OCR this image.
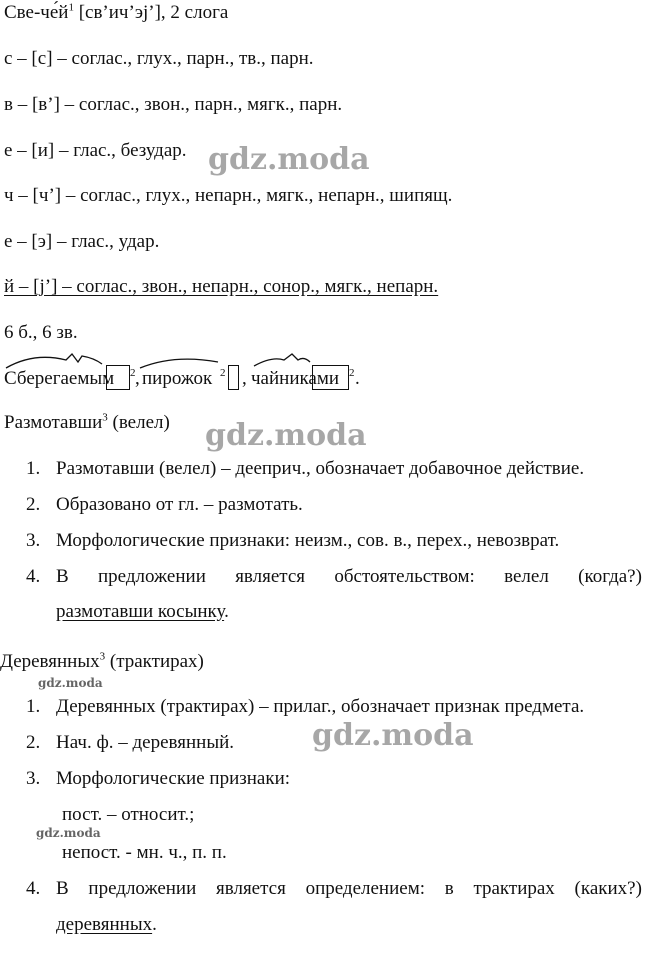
Све-$че́й^1$ [св’ич’эj’], 2 слога
с – [с] – соглас., глух., парн., тв., парн.
в – [в’] – соглас., звон., парн., мягк., парн.
е – [и] – глас., безудар.
ч – [ч’] – соглас., глух., непарн., мягк., непарн., шипящ.
е – [э] – глас., удар.
й – [j’] – соглас., звон., непарн., сонор., мягк., непарн.
6 б., 6 зв.
Сберегаемым 2 , пирожок 2 , чайниками 2 .
Размотавши$^3$ (велел)
1. Размотавши (велел) – дееприч., обозначает добавочное действие.
2. Образовано от гл. – размотать.
3. Морфологические признаки: неизм., сов. в., перех., невозврат.
4. В предложении является обстоятельством: велел (когда?)
размотавши косынку.
Деревянных$^3$ (трактирах)
1. Деревянных (трактирах) – прилаг., обозначает признак предмета.
2. Нач. ф. – деревянный.
3. Морфологические признаки:
пост. – относит.;
непост. - мн. ч., п. п.
4. В предложении является определением: в трактирах (каких?)
деревянных.
gdz.moda
gdz.moda
gdz.moda
gdz.moda
gdz.moda
